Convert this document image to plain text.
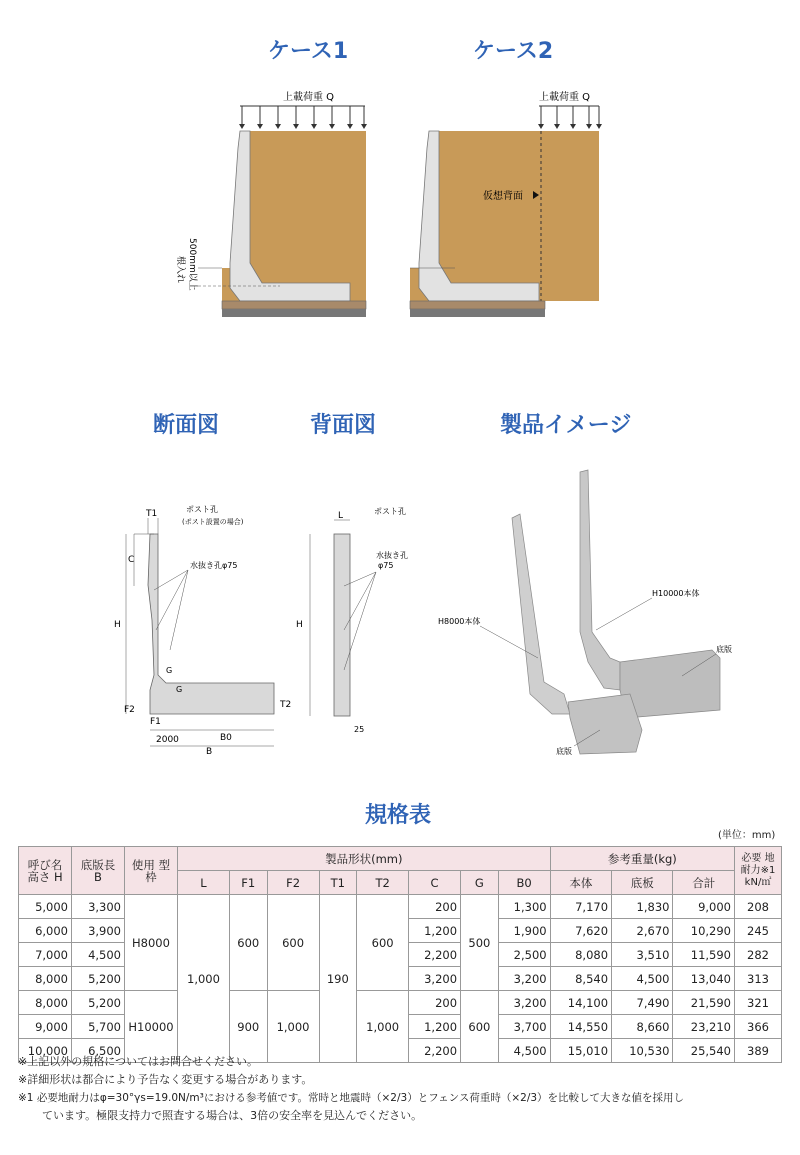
ケース1	ケース2
上載荷重 Q
根入れ 500mm以上
上載荷重 Q
仮想背面
断面図	背面図	製品イメージ
T1	ポスト孔
(ポスト設置の場合)
C
H
水抜き孔φ75
G
G
F2	T2
F1
2000	B0
B
L	ポスト孔
水抜き孔
φ75
H
25
H10000本体
H8000本体
底版
底版
規格表
(単位：mm)
呼び名 高さ H	底版長 B	使用 型枠	製品形状(mm)								参考重量(kg)			必要 地耐力※1 kN/㎡
			L	F1	F2	T1	T2	C	G	B0	本体	底板	合計	
5,000	3,300	H8000	1,000	600	600	190	600	200	500	1,300	7,170	1,830	9,000	208
6,000	3,900							1,200		1,900	7,620	2,670	10,290	245
7,000	4,500							2,200		2,500	8,080	3,510	11,590	282
8,000	5,200							3,200		3,200	8,540	4,500	13,040	313
8,000	5,200	H10000		900	1,000		1,000	200	600	3,200	14,100	7,490	21,590	321
9,000	5,700							1,200		3,700	14,550	8,660	23,210	366
10,000	6,500							2,200		4,500	15,010	10,530	25,540	389
※上記以外の規格についてはお問合せください。
※詳細形状は都合により予告なく変更する場合があります。
※1 必要地耐力はφ=30°γs=19.0N/m³における参考値です。常時と地震時（×2/3）とフェンス荷重時（×2/3）を比較して大きな値を採用し
ています。極限支持力で照査する場合は、3倍の安全率を見込んでください。
